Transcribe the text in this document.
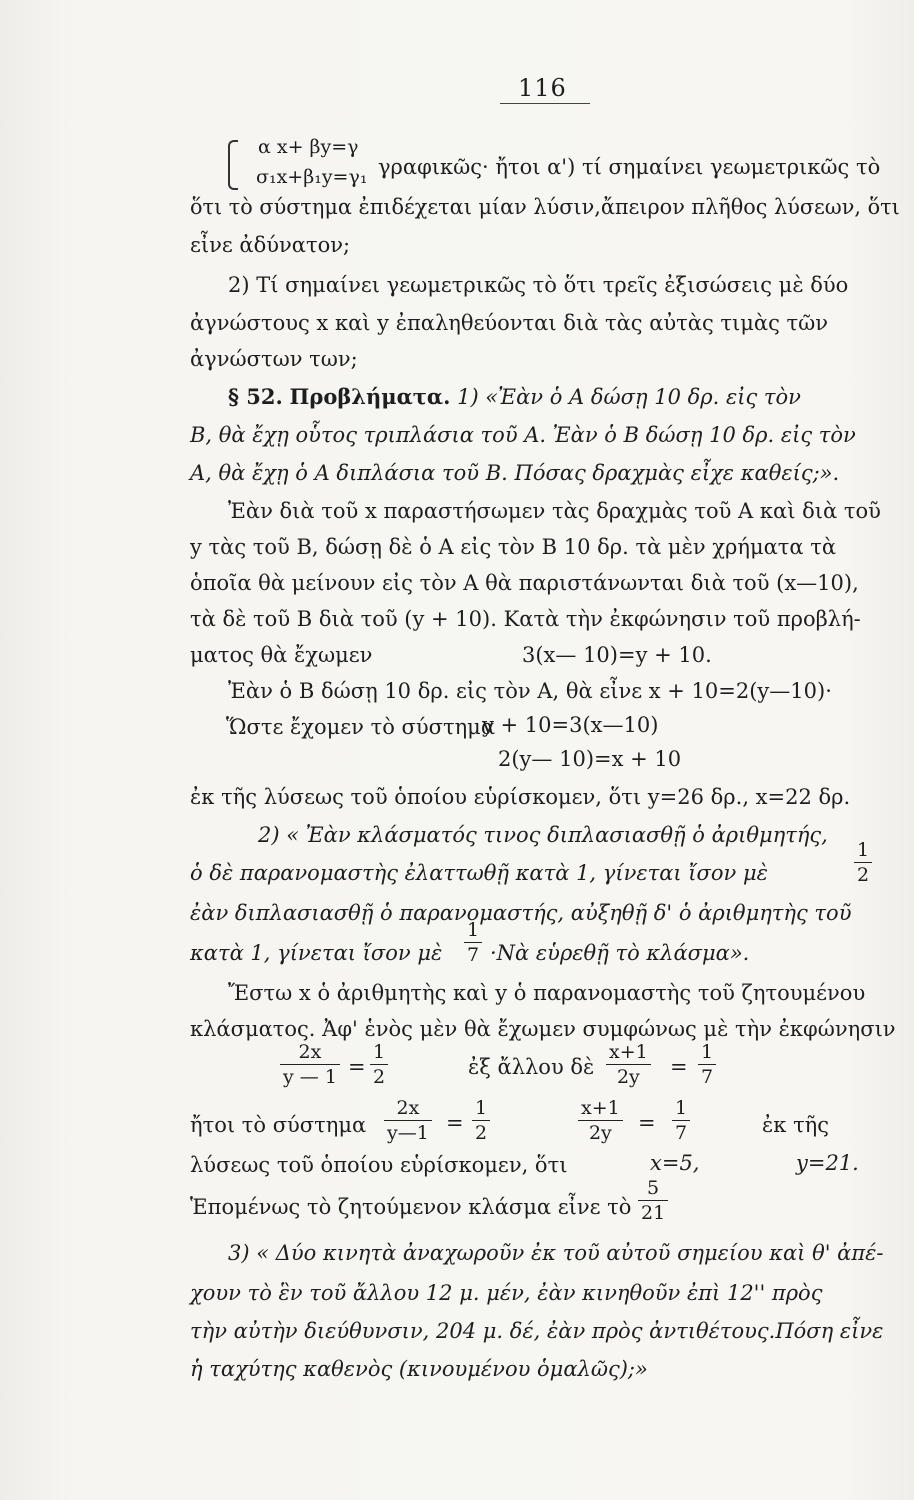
116
α x+ βy=γ
σ₁x+β₁y=γ₁ γραφικῶς· ἤτοι α') τί σημαίνει γεωμετρικῶς τὸ
ὅτι τὸ σύστημα ἐπιδέχεται μίαν λύσιν,ἄπειρον πλῆθος λύσεων, ὅτι
εἶνε ἀδύνατον;
2) Τί σημαίνει γεωμετρικῶς τὸ ὅτι τρεῖς ἐξισώσεις μὲ δύο
ἀγνώστους x καὶ y ἐπαληθεύονται διὰ τὰς αὐτὰς τιμὰς τῶν
ἀγνώστων των;
§ 52. Προβλήματα. 1) «Ἐὰν ὁ Α δώσῃ 10 δρ. εἰς τὸν
Β, θὰ ἔχῃ οὗτος τριπλάσια τοῦ Α. Ἐὰν ὁ Β δώσῃ 10 δρ. εἰς τὸν
Α, θὰ ἔχῃ ὁ Α διπλάσια τοῦ Β. Πόσας δραχμὰς εἶχε καθείς;».
Ἐὰν διὰ τοῦ x παραστήσωμεν τὰς δραχμὰς τοῦ Α καὶ διὰ τοῦ
y τὰς τοῦ Β, δώσῃ δὲ ὁ Α εἰς τὸν Β 10 δρ. τὰ μὲν χρήματα τὰ
ὁποῖα θὰ μείνουν εἰς τὸν Α θὰ παριστάνωνται διὰ τοῦ (x—10),
τὰ δὲ τοῦ Β διὰ τοῦ (y + 10). Κατὰ τὴν ἐκφώνησιν τοῦ προβλή-
ματος θὰ ἔχωμεν	3(x— 10)=y + 10.
Ἐὰν ὁ Β δώσῃ 10 δρ. εἰς τὸν Α, θὰ εἶνε x + 10=2(y—10)·
Ὥστε ἔχομεν τὸ σύστημα
y + 10=3(x—10)
2(y— 10)=x + 10
ἐκ τῆς λύσεως τοῦ ὁποίου εὑρίσκομεν, ὅτι y=26 δρ., x=22 δρ.
2) « Ἐὰν κλάσματός τινος διπλασιασθῇ ὁ ἀριθμητής,
ὁ δὲ παρανομαστὴς ἐλαττωθῇ κατὰ 1, γίνεται ἴσον μὲ	$\frac{1}{2}$
ἐὰν διπλασιασθῇ ὁ παρανομαστής, αὐξηθῇ δ' ὁ ἀριθμητὴς τοῦ
κατὰ 1, γίνεται ἴσον μὲ $\frac{1}{7}$ ·Νὰ εὑρεθῇ τὸ κλάσμα».
Ἔστω x ὁ ἀριθμητὴς καὶ y ὁ παρανομαστὴς τοῦ ζητουμένου
κλάσματος. Ἀφ' ἑνὸς μὲν θὰ ἔχωμεν συμφώνως μὲ τὴν ἐκφώνησιν
$\frac{2x}{y — 1} = \frac{1}{2}$	ἐξ ἄλλου δὲ $\frac{x+1}{2y} = \frac{1}{7}$
ἤτοι τὸ σύστημα $\frac{2x}{y—1} = \frac{1}{2}$	$\frac{x+1}{2y} = \frac{1}{7}$	ἐκ τῆς
λύσεως τοῦ ὁποίου εὑρίσκομεν, ὅτι	x=5,	y=21.
Ἑπομένως τὸ ζητούμενον κλάσμα εἶνε τὸ $\frac{5}{21}$
3) « Δύο κινητὰ ἀναχωροῦν ἐκ τοῦ αὐτοῦ σημείου καὶ θ' ἀπέ-
χουν τὸ ἓν τοῦ ἄλλου 12 μ. μέν, ἐὰν κινηθοῦν ἐπὶ 12'' πρὸς
τὴν αὐτὴν διεύθυνσιν, 204 μ. δέ, ἐὰν πρὸς ἀντιθέτους.Πόση εἶνε
ἡ ταχύτης καθενὸς (κινουμένου ὁμαλῶς);»
